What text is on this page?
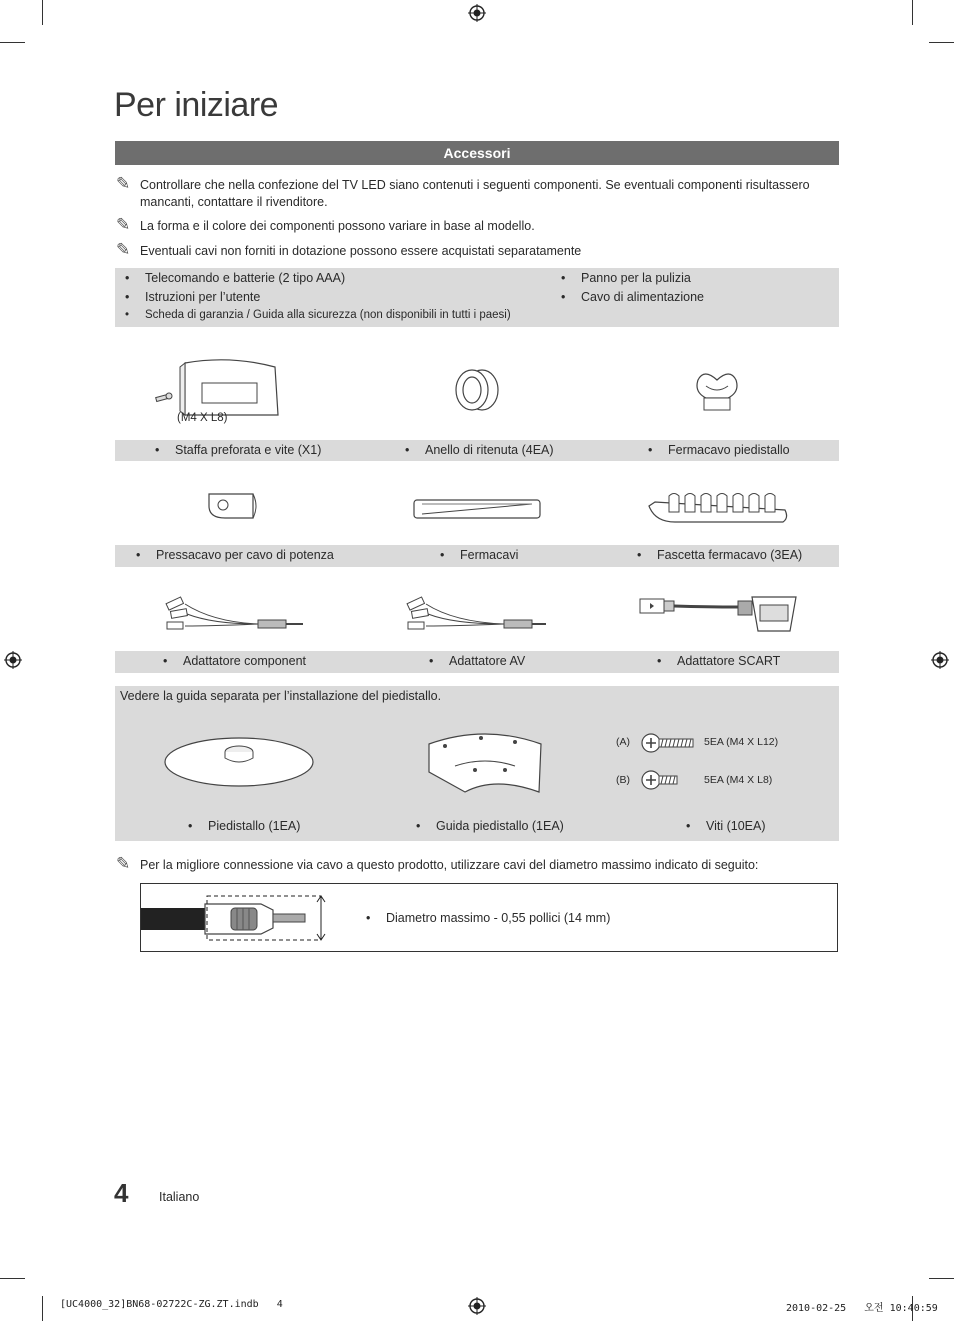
Per iniziare
Accessori
✎ Controllare che nella confezione del TV LED siano contenuti i seguenti componenti. Se eventuali componenti risultassero mancanti, contattare il rivenditore.
✎ La forma e il colore dei componenti possono variare in base al modello.
✎ Eventuali cavi non forniti in dotazione possono essere acquistati separatamente
• Telecomando e batterie (2 tipo AAA)
• Istruzioni per l’utente
• Scheda di garanzia / Guida alla sicurezza (non disponibili in tutti i paesi)
• Panno per la pulizia
• Cavo di alimentazione
(M4 X L8)
• Staffa preforata e vite (X1)	• Anello di ritenuta (4EA)	• Fermacavo piedistallo
• Pressacavo per cavo di potenza	• Fermacavi	• Fascetta fermacavo (3EA)
• Adattatore component	• Adattatore AV	• Adattatore SCART
Vedere la guida separata per l’installazione del piedistallo.
(A)	5EA (M4 X L12)
(B)	5EA (M4 X L8)
• Piedistallo (1EA)	• Guida piedistallo (1EA)	• Viti (10EA)
✎ Per la migliore connessione via cavo a questo prodotto, utilizzare cavi del diametro massimo indicato di seguito:
• Diametro massimo - 0,55 pollici (14 mm)
4 Italiano
[UC4000_32]BN68-02722C-ZG.ZT.indb   4	2010-02-25   오전 10:40:59
